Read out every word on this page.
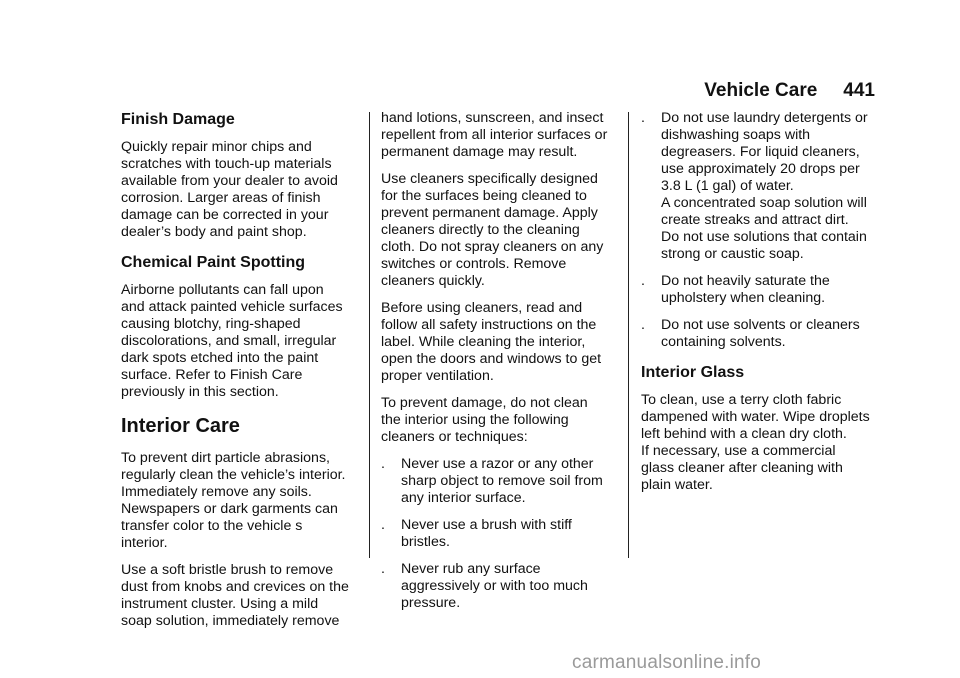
Vehicle Care 441
Finish Damage

Quickly repair minor chips and
scratches with touch-up materials
available from your dealer to avoid
corrosion. Larger areas of finish
damage can be corrected in your
dealer’s body and paint shop.

Chemical Paint Spotting

Airborne pollutants can fall upon
and attack painted vehicle surfaces
causing blotchy, ring-shaped
discolorations, and small, irregular
dark spots etched into the paint
surface. Refer to Finish Care
previously in this section.

Interior Care

To prevent dirt particle abrasions,
regularly clean the vehicle’s interior.
Immediately remove any soils.
Newspapers or dark garments can
transfer color to the vehicle s
interior.

Use a soft bristle brush to remove
dust from knobs and crevices on the
instrument cluster. Using a mild
soap solution, immediately remove

hand lotions, sunscreen, and insect
repellent from all interior surfaces or
permanent damage may result.

Use cleaners specifically designed
for the surfaces being cleaned to
prevent permanent damage. Apply
cleaners directly to the cleaning
cloth. Do not spray cleaners on any
switches or controls. Remove
cleaners quickly.

Before using cleaners, read and
follow all safety instructions on the
label. While cleaning the interior,
open the doors and windows to get
proper ventilation.

To prevent damage, do not clean
the interior using the following
cleaners or techniques:

. Never use a razor or any other
sharp object to remove soil from
any interior surface.
. Never use a brush with stiff
bristles.
. Never rub any surface
aggressively or with too much
pressure.
. Do not use laundry detergents or
dishwashing soaps with
degreasers. For liquid cleaners,
use approximately 20 drops per
3.8 L (1 gal) of water.
A concentrated soap solution will
create streaks and attract dirt.
Do not use solutions that contain
strong or caustic soap.
. Do not heavily saturate the
upholstery when cleaning.
. Do not use solvents or cleaners
containing solvents.
Interior Glass

To clean, use a terry cloth fabric
dampened with water. Wipe droplets
left behind with a clean dry cloth.
If necessary, use a commercial
glass cleaner after cleaning with
plain water.

carmanualsonline.info
